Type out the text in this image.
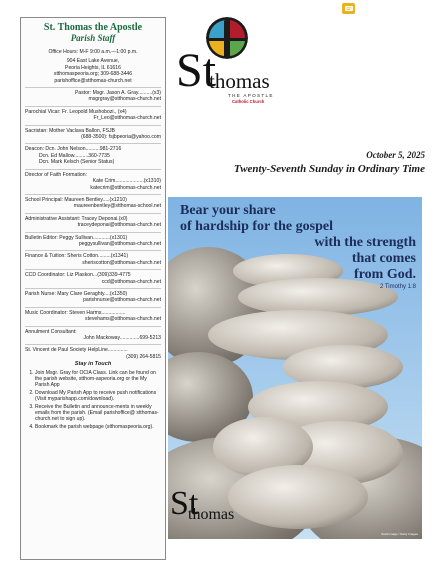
St. Thomas the Apostle
Parish Staff
Office Hours: M-F 9:00 a.m.—1:00 p.m.
904 East Lake Avenue,
Peoria Heights, IL 61616
stthomaspeoria.org; 309-688-3446
parishoffice@stthomas-church.net
Pastor: Msgr. Jason A. Gray..........(x3)
msgrgray@stthomas-church.net
Parochial Vicar: Fr. Leopold Mushobozi., (x4)
Fr_Leo@stthomas-church.net
Sacristan: Mother Vaclava Ballon, FSJB
(688-3500): fsjbpeoria@yahoo.com
Deacon: Dcn. John Nelson..........981-2716
Dcn. Ed Mallow..........360-7735
Dcn. Mark Kelsch (Senior Status)
Director of Faith Formation:
Kate Crim....................(x1310)
katecrim@stthomas-church.net
School Principal: Maureen Bentley.....(x1210)
maureenbentley@stthomas-school.net
Administrative Assistant: Tracey Deponai.(x0)
traceydeponai@stthomas-church.net
Bulletin Editor: Peggy Sullivan............(x1301)
peggysullivan@stthomas-church.net
Finance & Tuition: Sheris Cotton.........(x1341)
sheriscotton@stthomas-church.net
CCD Coordinator: Liz Plaskon...(309)339-4775
ccd@stthomas-church.net
Parish Nurse: Mary Clare Geraghty....(x1350)
parishnurse@stthomas-church.net
Music Coordinator: Steven Harms.................
stevehams@stthomas-church.net
Annulment Consultant:
John Mackoway..............699-5213
St. Vincent de Paul Society HelpLine..............
(309) 264-5815
Stay in Touch
1. Join Msgr. Gray for OCIA Class. Link can be found on the parish website, stthom-aspeoria.org or the My Parish App
2. Download My Parish App to receive push notifications (Visit myparishapp.com/download).
3. Receive the Bulletin and announce-ments in weekly emails from the parish. (Email parishoffice@ stthomas-church.net to sign up).
4. Bookmark the parish webpage (stthomaspeoria.org).
St
thomas
THE APOSTLE
Catholic Church
October 5, 2025
Twenty-Seventh Sunday in Ordinary Time
Bear your share
of hardship for the gospel
with the strength
that comes
from God.
2 Timothy 1:8
St
thomas
Stock image / Getty Images
